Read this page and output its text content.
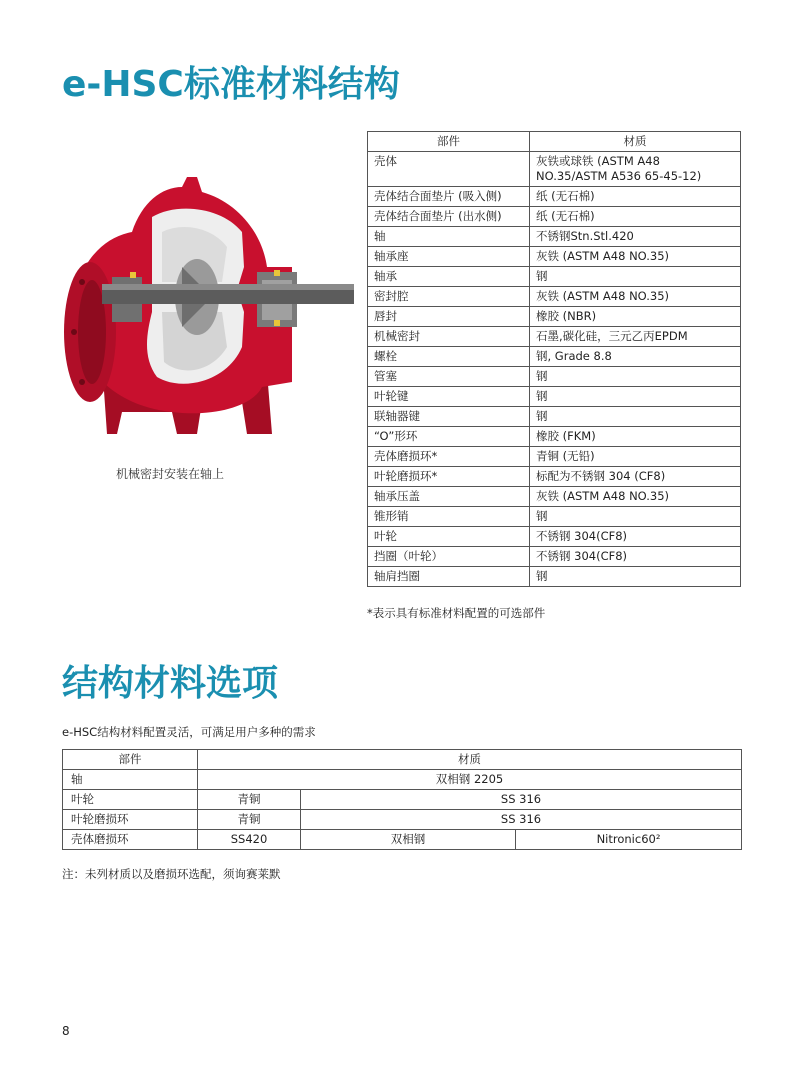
e-HSC标准材料结构
机械密封安装在轴上
部件	材质
壳体	灰铁或球铁 (ASTM A48 NO.35/ASTM A536 65-45-12)
壳体结合面垫片 (吸入侧)	纸 (无石棉)
壳体结合面垫片 (出水侧)	纸 (无石棉)
轴	不锈钢Stn.Stl.420
轴承座	灰铁 (ASTM A48 NO.35)
轴承	钢
密封腔	灰铁 (ASTM A48 NO.35)
唇封	橡胶 (NBR)
机械密封	石墨,碳化硅，三元乙丙EPDM
螺栓	钢, Grade 8.8
管塞	钢
叶轮键	钢
联轴器键	钢
“O”形环	橡胶 (FKM)
壳体磨损环*	青铜 (无铅)
叶轮磨损环*	标配为不锈钢 304 (CF8)
轴承压盖	灰铁 (ASTM A48 NO.35)
锥形销	钢
叶轮	不锈钢 304(CF8)
挡圈（叶轮）	不锈钢 304(CF8)
轴肩挡圈	钢
*表示具有标准材料配置的可选部件
结构材料选项
e-HSC结构材料配置灵活，可满足用户多种的需求
部件	材质		
轴	双相钢 2205		
叶轮	青铜	SS 316	
叶轮磨损环	青铜	SS 316	
壳体磨损环	SS420	双相钢	Nitronic60²
注：未列材质以及磨损环选配，须询赛莱默
8
